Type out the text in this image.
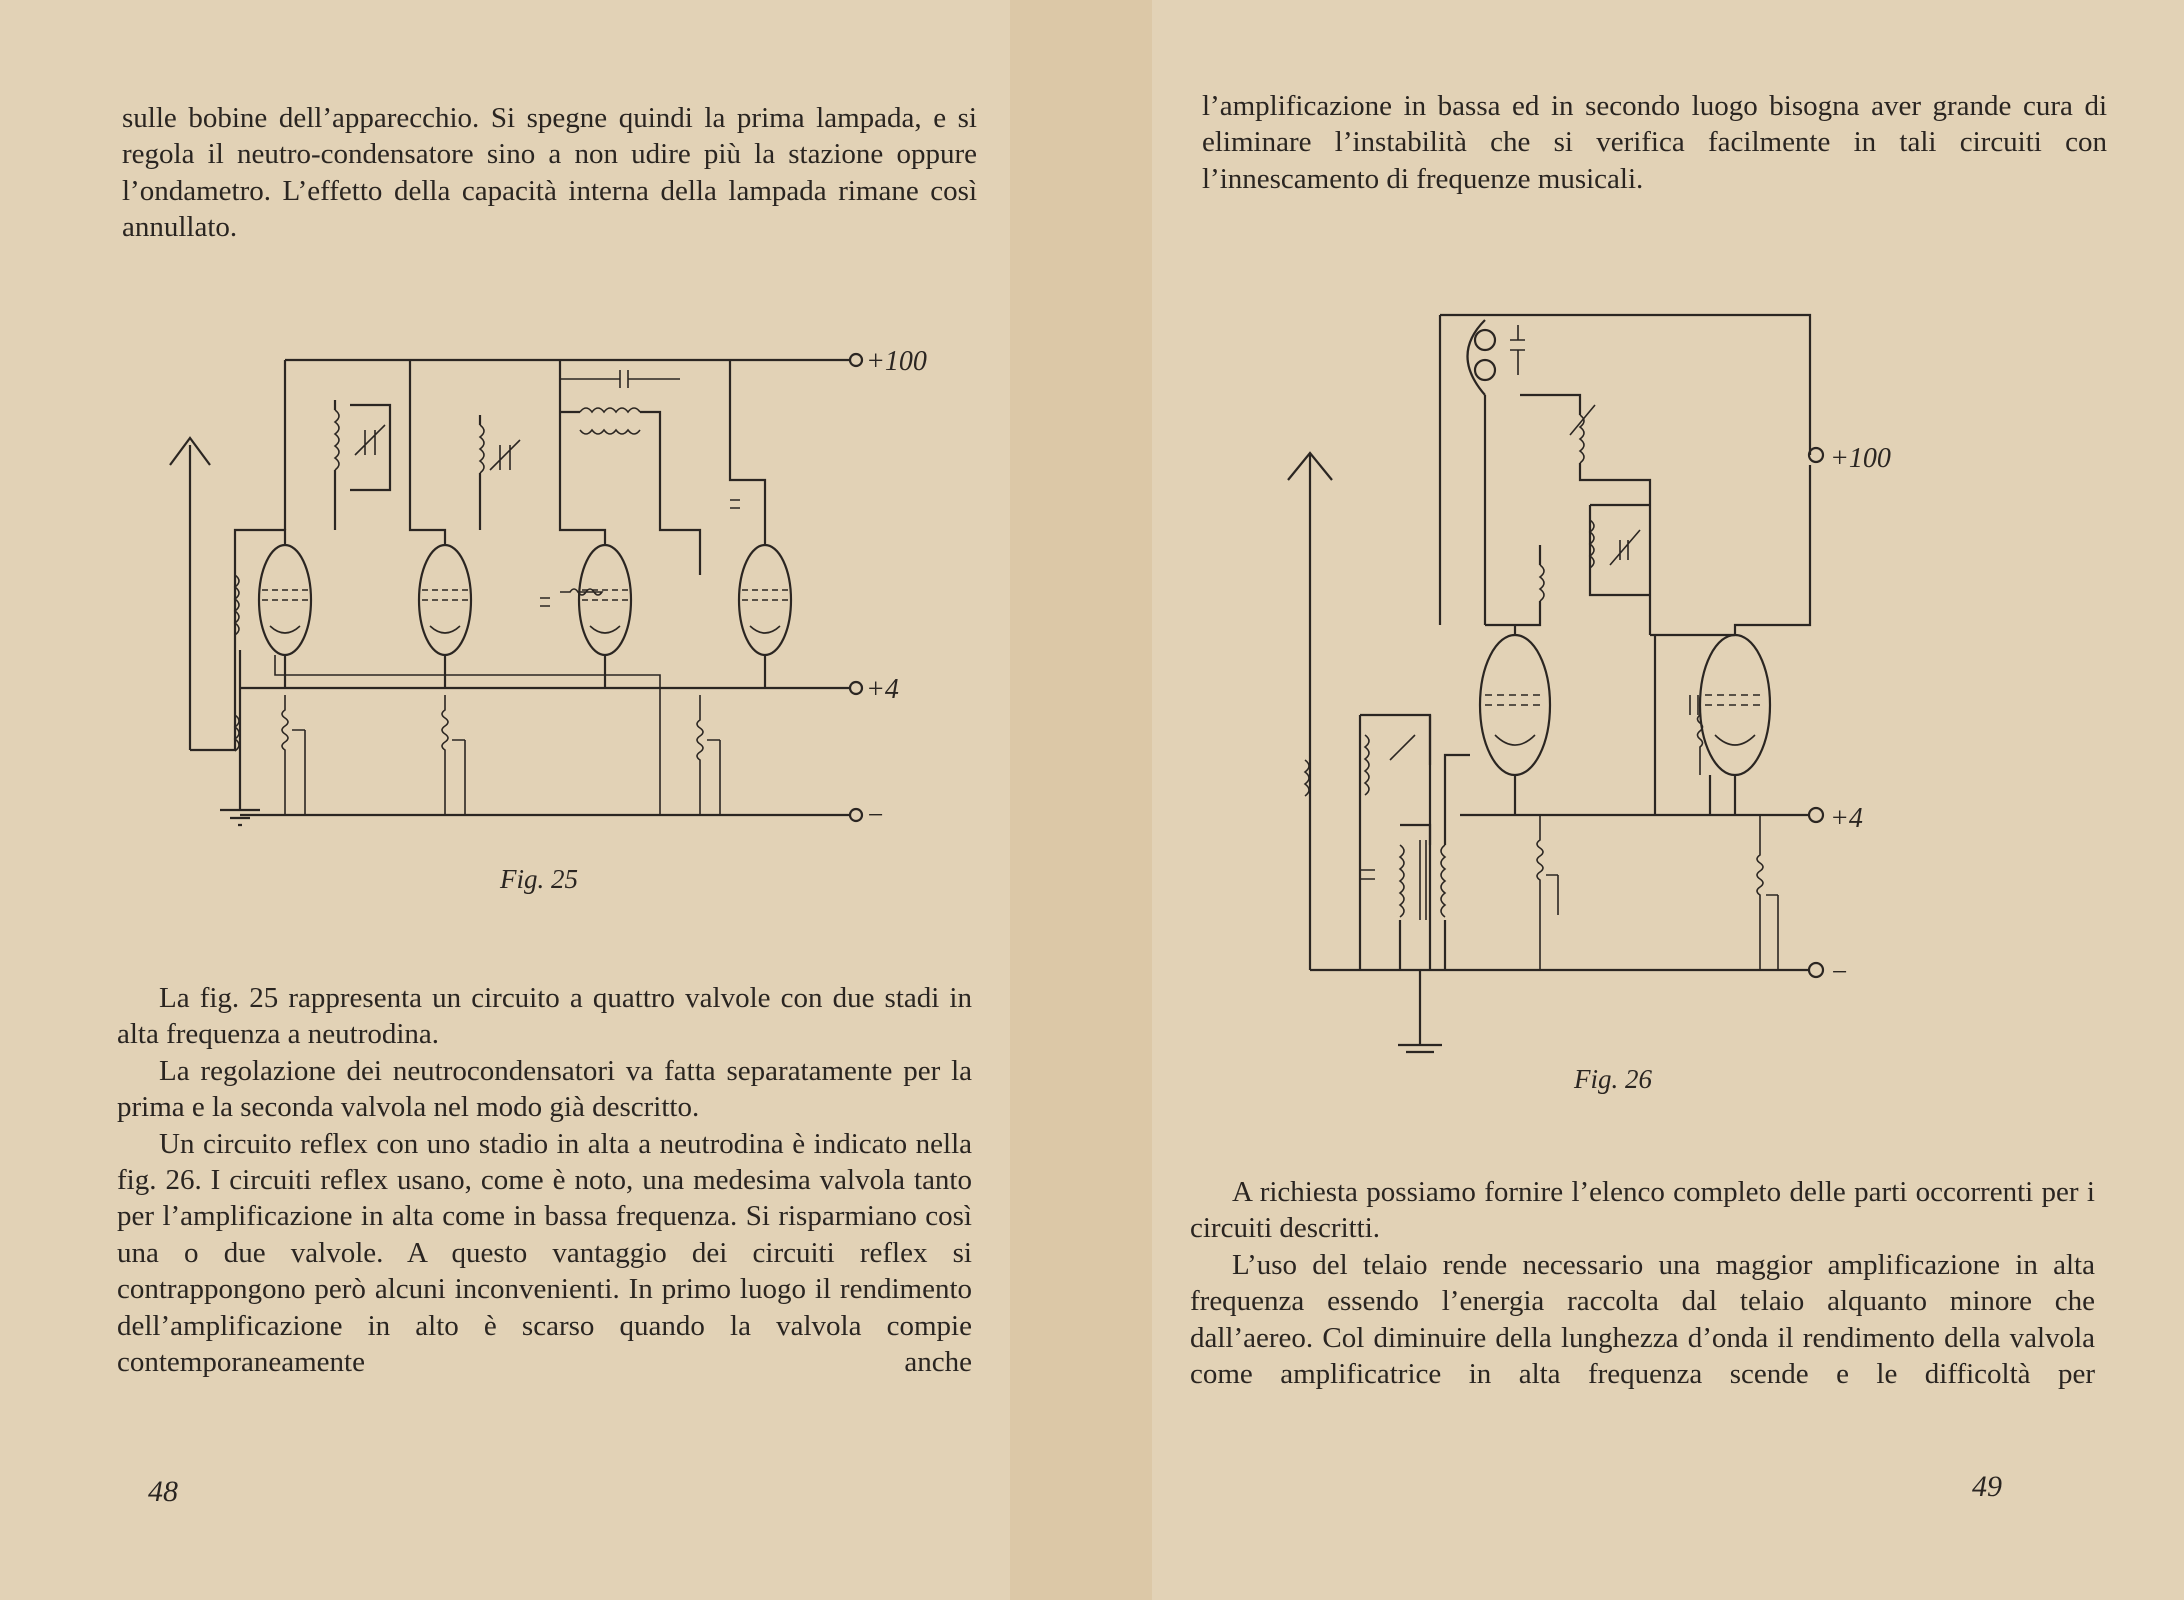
sulle bobine dell’apparecchio. Si spegne quindi la prima lampada, e si regola il neutro-condensatore sino a non udire più la stazione oppure l’ondametro. L’effetto della capacità interna della lampada rimane così annullato.

+100
+4
−
Fig. 25

La fig. 25 rappresenta un circuito a quattro valvole con due stadi in alta frequenza a neutrodina.

La regolazione dei neutrocondensatori va fatta separatamente per la prima e la seconda valvola nel modo già descritto.

Un circuito reflex con uno stadio in alta a neutrodina è indicato nella fig. 26. I circuiti reflex usano, come è noto, una medesima valvola tanto per l’amplificazione in alta come in bassa frequenza. Si risparmiano così una o due valvole. A questo vantaggio dei circuiti reflex si contrappongono però alcuni inconvenienti. In primo luogo il rendimento dell’amplificazione in alto è scarso quando la valvola compie contemporaneamente anche

48

l’amplificazione in bassa ed in secondo luogo bisogna aver grande cura di eliminare l’instabilità che si verifica facilmente in tali circuiti con l’innescamento di frequenze musicali.

+100
+4
−
Fig. 26

A richiesta possiamo fornire l’elenco completo delle parti occorrenti per i circuiti descritti.

L’uso del telaio rende necessario una maggior amplificazione in alta frequenza essendo l’energia raccolta dal telaio alquanto minore che dall’aereo. Col diminuire della lunghezza d’onda il rendimento della valvola come amplificatrice in alta frequenza scende e le difficoltà per

49
